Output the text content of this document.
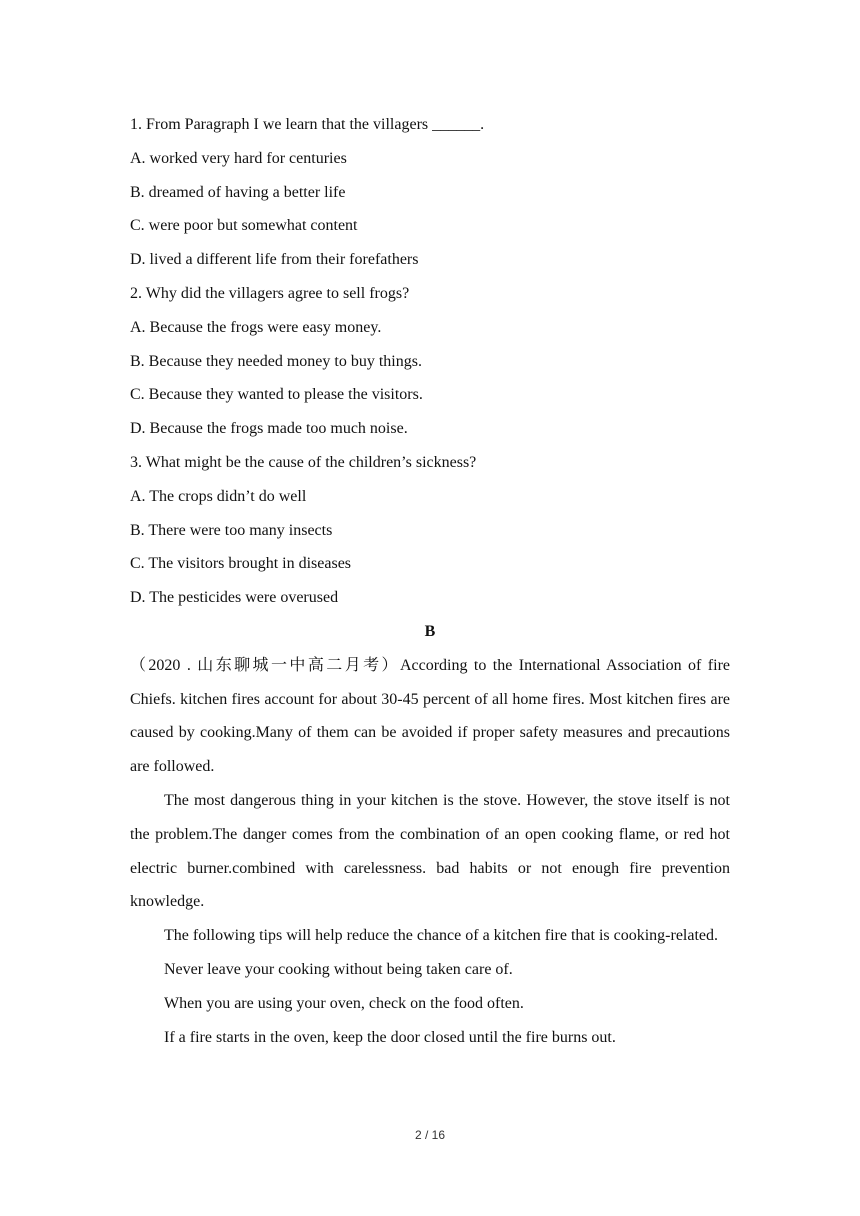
1. From Paragraph I we learn that the villagers ______.
A. worked very hard for centuries
B. dreamed of having a better life
C. were poor but somewhat content
D. lived a different life from their forefathers
2. Why did the villagers agree to sell frogs?
A. Because the frogs were easy money.
B. Because they needed money to buy things.
C. Because they wanted to please the visitors.
D. Because the frogs made too much noise.
3. What might be the cause of the children’s sickness?
A. The crops didn’t do well
B. There were too many insects
C. The visitors brought in diseases
D. The pesticides were overused
B

（2020 . 山东聊城一中高二月考）According to the International Association of fire Chiefs. kitchen fires account for about 30-45 percent of all home fires. Most kitchen fires are caused by cooking.Many of them can be avoided if proper safety measures and precautions are followed.

The most dangerous thing in your kitchen is the stove. However, the stove itself is not the problem.The danger comes from the combination of an open cooking flame, or red hot electric burner.combined with carelessness. bad habits or not enough fire prevention knowledge.

The following tips will help reduce the chance of a kitchen fire that is cooking-related.

Never leave your cooking without being taken care of.
When you are using your oven, check on the food often.
If a fire starts in the oven, keep the door closed until the fire burns out.
2 / 16
